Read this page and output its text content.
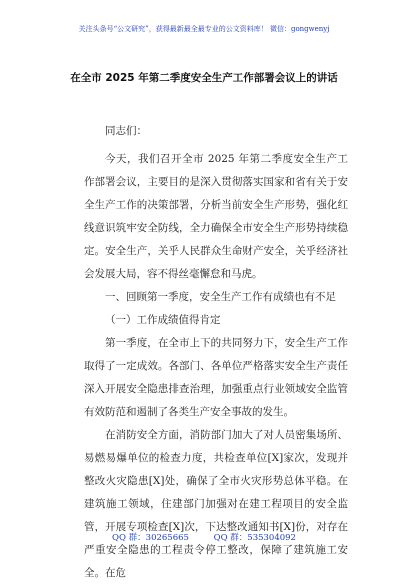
关注头条号“公文研究”，获得最新最全最专业的公文资料库！ 微信：gongwenyj
在全市 2025 年第二季度安全生产工作部署会议上的讲话

同志们：

今天，我们召开全市 2025 年第二季度安全生产工作部署会议，主要目的是深入贯彻落实国家和省有关于安全生产工作的决策部署，分析当前安全生产形势，强化红线意识筑牢安全防线，全力确保全市安全生产形势持续稳定。安全生产，关乎人民群众生命财产安全，关乎经济社会发展大局，容不得丝毫懈怠和马虎。

一、回顾第一季度，安全生产工作有成绩也有不足

（一）工作成绩值得肯定

第一季度，在全市上下的共同努力下，安全生产工作取得了一定成效。各部门、各单位严格落实安全生产责任深入开展安全隐患排查治理，加强重点行业领域安全监管有效防范和遏制了各类生产安全事故的发生。

在消防安全方面，消防部门加大了对人员密集场所、易燃易爆单位的检查力度，共检查单位[X]家次，发现并整改火灾隐患[X]处，确保了全市火灾形势总体平稳。在建筑施工领域，住建部门加强对在建工程项目的安全监管，开展专项检查[X]次，下达整改通知书[X]份，对存在严重安全隐患的工程责令停工整改，保障了建筑施工安全。在危

QQ 群：30265665	QQ 群：535304092
